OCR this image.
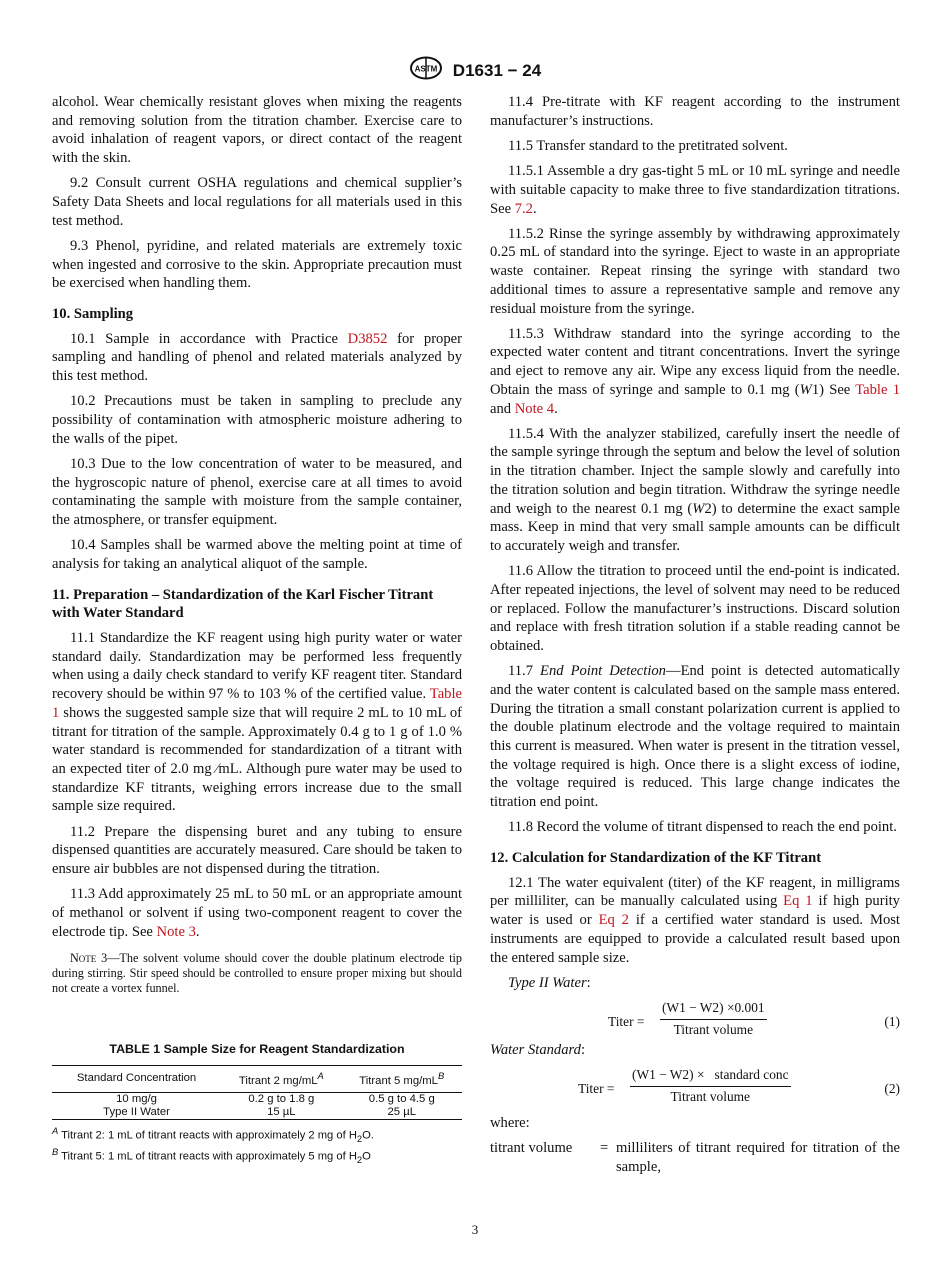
ASTM D1631 − 24

alcohol. Wear chemically resistant gloves when mixing the reagents and removing solution from the titration chamber. Exercise care to avoid inhalation of reagent vapors, or direct contact of the reagent with the skin.

9.2 Consult current OSHA regulations and chemical supplier’s Safety Data Sheets and local regulations for all materials used in this test method.

9.3 Phenol, pyridine, and related materials are extremely toxic when ingested and corrosive to the skin. Appropriate precaution must be exercised when handling them.

10. Sampling

10.1 Sample in accordance with Practice D3852 for proper sampling and handling of phenol and related materials analyzed by this test method.

10.2 Precautions must be taken in sampling to preclude any possibility of contamination with atmospheric moisture adhering to the walls of the pipet.

10.3 Due to the low concentration of water to be measured, and the hygroscopic nature of phenol, exercise care at all times to avoid contaminating the sample with moisture from the sample container, the atmosphere, or transfer equipment.

10.4 Samples shall be warmed above the melting point at time of analysis for taking an analytical aliquot of the sample.

11. Preparation – Standardization of the Karl Fischer Titrant with Water Standard

11.1 Standardize the KF reagent using high purity water or water standard daily. Standardization may be performed less frequently when using a daily check standard to verify KF reagent titer. Standard recovery should be within 97 % to 103 % of the certified value. Table 1 shows the suggested sample size that will require 2 mL to 10 mL of titrant for titration of the sample. Approximately 0.4 g to 1 g of 1.0 % water standard is recommended for standardization of a titrant with an expected titer of 2.0 mg ⁄mL. Although pure water may be used to standardize KF titrants, weighing errors increase due to the small sample size required.

11.2 Prepare the dispensing buret and any tubing to ensure dispensed quantities are accurately measured. Care should be taken to ensure air bubbles are not dispensed during the titration.

11.3 Add approximately 25 mL to 50 mL or an appropriate amount of methanol or solvent if using two-component reagent to cover the electrode tip. See Note 3.

Note 3—The solvent volume should cover the double platinum electrode tip during stirring. Stir speed should be controlled to ensure proper mixing but should not create a vortex funnel.
TABLE 1 Sample Size for Reagent Standardization
Standard Concentration	Titrant 2 $mg/mL^A$	Titrant 5 $mg/mL^B$
10 mg/g	0.2 g to 1.8 g	0.5 g to 4.5 g
Type II Water	15 µL	25 µL
$^A$ Titrant 2: 1 mL of titrant reacts with approximately 2 mg of $H_2O$.
$^B$ Titrant 5: 1 mL of titrant reacts with approximately 5 mg of $H_2O$

11.4 Pre-titrate with KF reagent according to the instrument manufacturer’s instructions.

11.5 Transfer standard to the pretitrated solvent.

11.5.1 Assemble a dry gas-tight 5 mL or 10 mL syringe and needle with suitable capacity to make three to five standardization titrations. See 7.2.

11.5.2 Rinse the syringe assembly by withdrawing approximately 0.25 mL of standard into the syringe. Eject to waste in an appropriate waste container. Repeat rinsing the syringe with standard two additional times to assure a representative sample and remove any residual moisture from the syringe.

11.5.3 Withdraw standard into the syringe according to the expected water content and titrant concentrations. Invert the syringe and eject to remove any air. Wipe any excess liquid from the needle. Obtain the mass of syringe and sample to 0.1 mg (W1) See Table 1 and Note 4.

11.5.4 With the analyzer stabilized, carefully insert the needle of the sample syringe through the septum and below the level of solution in the titration chamber. Inject the sample slowly and carefully into the titration solution and begin titration. Withdraw the syringe needle and weigh to the nearest 0.1 mg (W2) to determine the exact sample mass. Keep in mind that very small sample amounts can be difficult to accurately weigh and transfer.

11.6 Allow the titration to proceed until the end-point is indicated. After repeated injections, the level of solvent may need to be reduced or replaced. Follow the manufacturer’s instructions. Discard solution and replace with fresh titration solution if a stable reading cannot be obtained.

11.7 End Point Detection—End point is detected automatically and the water content is calculated based on the sample mass entered. During the titration a small constant polarization current is applied to the double platinum electrode and the voltage required to maintain this current is measured. When water is present in the titration vessel, the voltage required is high. Once there is a slight excess of iodine, the voltage required is reduced. This large change indicates the titration end point.

11.8 Record the volume of titrant dispensed to reach the end point.

12. Calculation for Standardization of the KF Titrant

12.1 The water equivalent (titer) of the KF reagent, in milligrams per milliliter, can be manually calculated using Eq 1 if high purity water is used or Eq 2 if a certified water standard is used. Most instruments are equipped to provide a calculated result based upon the entered sample size.

Type II Water:

Titer =
(W1 − W2) ×0.001
Titrant volume
(1)

Water Standard:

Titer =
(W1 − W2) ×   standard conc
Titrant volume
(2)

where:

titrant volume	= milliliters of titrant required for titration of the sample,
3
